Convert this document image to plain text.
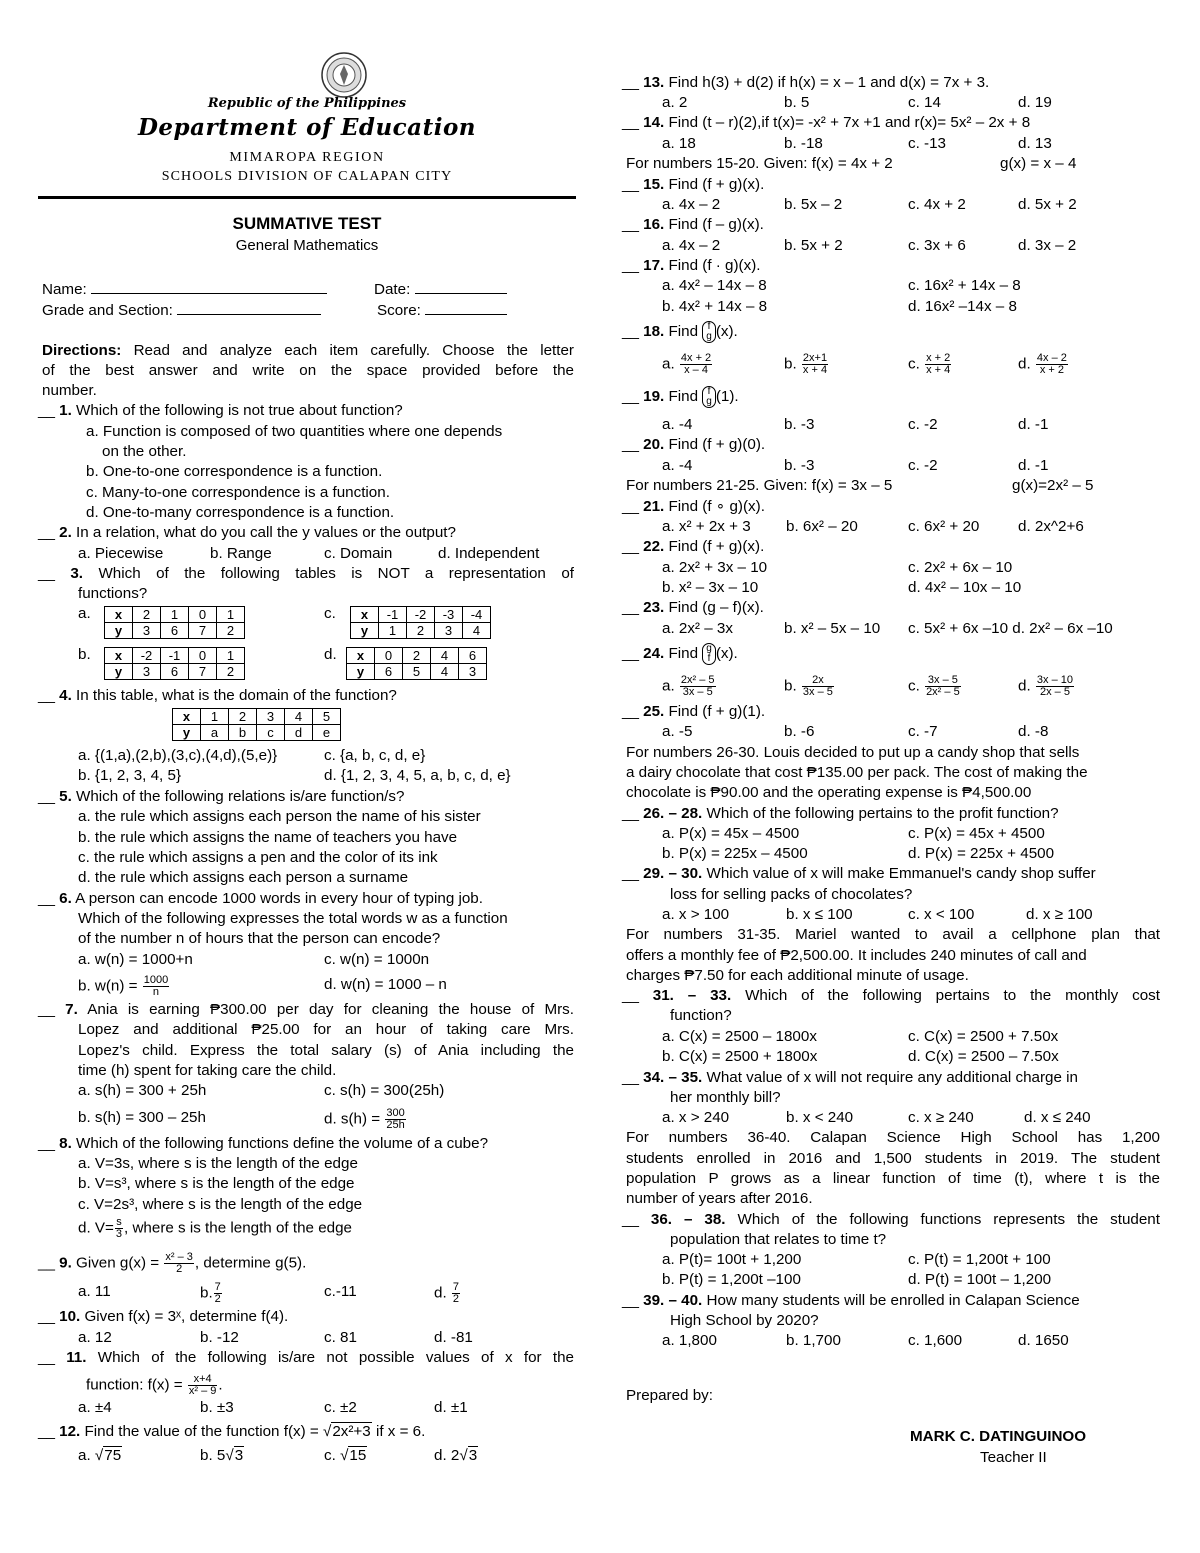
Republic of the Philippines
Department of Education
MIMAROPA REGION
SCHOOLS DIVISION OF CALAPAN CITY
SUMMATIVE TEST
General Mathematics
Name:	Date:
Grade and Section:	Score:
Directions: Read and analyze each item carefully. Choose the letter
of the best answer and write on the space provided before the
number.
__ 1. Which of the following is not true about function?
a. Function is composed of two quantities where one depends
on the other.
b. One-to-one correspondence is a function.
c. Many-to-one correspondence is a function.
d. One-to-many correspondence is a function.
__ 2. In a relation, what do you call the y values or the output?
a. Piecewise	b. Range	c. Domain	d. Independent
__ 3. Which of the following tables is NOT a representation of
functions?
a. x	2	1	0	1
y	3	6	7	2
c. x	-1	-2	-3	-4
y	1	2	3	4
b. x	-2	-1	0	1
y	3	6	7	2
d. x	0	2	4	6
y	6	5	4	3
__ 4. In this table, what is the domain of the function?
x	1	2	3	4	5
y	a	b	c	d	e
a. {(1,a),(2,b),(3,c),(4,d),(5,e)}	c. {a, b, c, d, e}
b. {1, 2, 3, 4, 5}	d. {1, 2, 3, 4, 5, a, b, c, d, e}
__ 5. Which of the following relations is/are function/s?
a. the rule which assigns each person the name of his sister
b. the rule which assigns the name of teachers you have
c. the rule which assigns a pen and the color of its ink
d. the rule which assigns each person a surname
__ 6. A person can encode 1000 words in every hour of typing job.
Which of the following expresses the total words w as a function
of the number n of hours that the person can encode?
a. w(n) = 1000+n	c. w(n) = 1000n
b. $w(n) = \frac{1000}{n}$	d. w(n) = 1000 – n
__ 7. Ania is earning ₱300.00 per day for cleaning the house of Mrs.
Lopez and additional ₱25.00 for an hour of taking care Mrs.
Lopez's child. Express the total salary (s) of Ania including the
time (h) spent for taking care the child.
a. s(h) = 300 + 25h	c. s(h) = 300(25h)
b. s(h) = 300 – 25h	d. $s(h) = \frac{300}{25h}$
__ 8. Which of the following functions define the volume of a cube?
a. V=3s, where s is the length of the edge
b. V=s³, where s is the length of the edge
c. V=2s³, where s is the length of the edge
d. $V= \frac{s}{3}$ , where s is the length of the edge
__ 9. Given $g(x) = \frac{\text{x² – 3}}{2}$ , determine g(5).
a. 11	b. $\frac{7}{2}$	c.-11	d. $\frac{7}{2}$
__ 10. Given f(x) = 3ˣ, determine f(4).
a. 12	b. -12	c. 81	d. -81
__ 11. Which of the following is/are not possible values of x for the
function: $f(x) = \frac{x+4}{\text{x² – 9}}$ .
a. ±4	b. ±3	c. ±2	d. ±1
__ 12. Find the value of the function f(x) = √2x²+3 if x = 6.
a. √75	b. 5√3	c. √15	d. 2√3
__ 13. Find h(3) + d(2) if h(x) = x – 1 and d(x) = 7x + 3.
a. 2	b. 5	c. 14	d. 19
__ 14. Find (t – r)(2),if t(x)= -x² + 7x +1 and r(x)= 5x² – 2x + 8
a. 18	b. -18	c. -13	d. 13
For numbers 15-20. Given: f(x) = 4x + 2	g(x) = x – 4
__ 15. Find (f + g)(x).
a. 4x – 2	b. 5x – 2	c. 4x + 2	d. 5x + 2
__ 16. Find (f – g)(x).
a. 4x – 2	b. 5x + 2	c. 3x + 6	d. 3x – 2
__ 17. Find (f · g)(x).
a. 4x² – 14x – 8	c. 16x² + 14x – 8
b. 4x² + 14x – 8	d. 16x² –14x – 8
__ 18. Find f
g (x).
a. $\frac{4x + 2}{x - 4}$	b. $\frac{2x+1}{x + 4}$	c. $\frac{x + 2}{x + 4}$	d. $\frac{4x - 2}{x + 2}$
__ 19. Find f
g (1).
a. -4	b. -3	c. -2	d. -1
__ 20. Find (f + g)(0).
a. -4	b. -3	c. -2	d. -1
For numbers 21-25. Given: f(x) = 3x – 5	g(x)=2x² – 5
__ 21. Find (f ∘ g)(x).
a. x² + 2x + 3 b. 6x² – 20	c. 6x² + 20	d. 2x^2+6
__ 22. Find (f + g)(x).
a. 2x² + 3x – 10	c. 2x² + 6x – 10
b. x² – 3x – 10	d. 4x² – 10x – 10
__ 23. Find (g – f)(x).
a. 2x² – 3x	b. x² – 5x – 10 c. 5x² + 6x –10 d. 2x² – 6x –10
__ 24. Find g
f (x).
a. $\frac{\text{2x² – 5}}{3x - 5}$	b. $\frac{2x}{3x - 5}$	c. $\frac{3x - 5}{\text{2x² – 5}}$	d. $\frac{3x - 10}{2x - 5}$
__ 25. Find (f + g)(1).
a. -5	b. -6	c. -7	d. -8
For numbers 26-30. Louis decided to put up a candy shop that sells
a dairy chocolate that cost ₱135.00 per pack. The cost of making the
chocolate is ₱90.00 and the operating expense is ₱4,500.00
__ 26. – 28. Which of the following pertains to the profit function?
a. P(x) = 45x – 4500	c. P(x) = 45x + 4500
b. P(x) = 225x – 4500	d. P(x) = 225x + 4500
__ 29. – 30. Which value of x will make Emmanuel's candy shop suffer
loss for selling packs of chocolates?
a. x > 100	b. x ≤ 100	c. x < 100	d. x ≥ 100
For numbers 31-35. Mariel wanted to avail a cellphone plan that
offers a monthly fee of ₱2,500.00. It includes 240 minutes of call and
charges ₱7.50 for each additional minute of usage.
__ 31. – 33. Which of the following pertains to the monthly cost
function?
a. C(x) = 2500 – 1800x	c. C(x) = 2500 + 7.50x
b. C(x) = 2500 + 1800x	d. C(x) = 2500 – 7.50x
__ 34. – 35. What value of x will not require any additional charge in
her monthly bill?
a. x > 240	b. x < 240	c. x ≥ 240	d. x ≤ 240
For numbers 36-40. Calapan Science High School has 1,200
students enrolled in 2016 and 1,500 students in 2019. The student
population P grows as a linear function of time (t), where t is the
number of years after 2016.
__ 36. – 38. Which of the following functions represents the student
population that relates to time t?
a. P(t)= 100t + 1,200	c. P(t) = 1,200t + 100
b. P(t) = 1,200t –100	d. P(t) = 100t – 1,200
__ 39. – 40. How many students will be enrolled in Calapan Science
High School by 2020?
a. 1,800	b. 1,700	c. 1,600	d. 1650
Prepared by:
MARK C. DATINGUINOO
Teacher II
